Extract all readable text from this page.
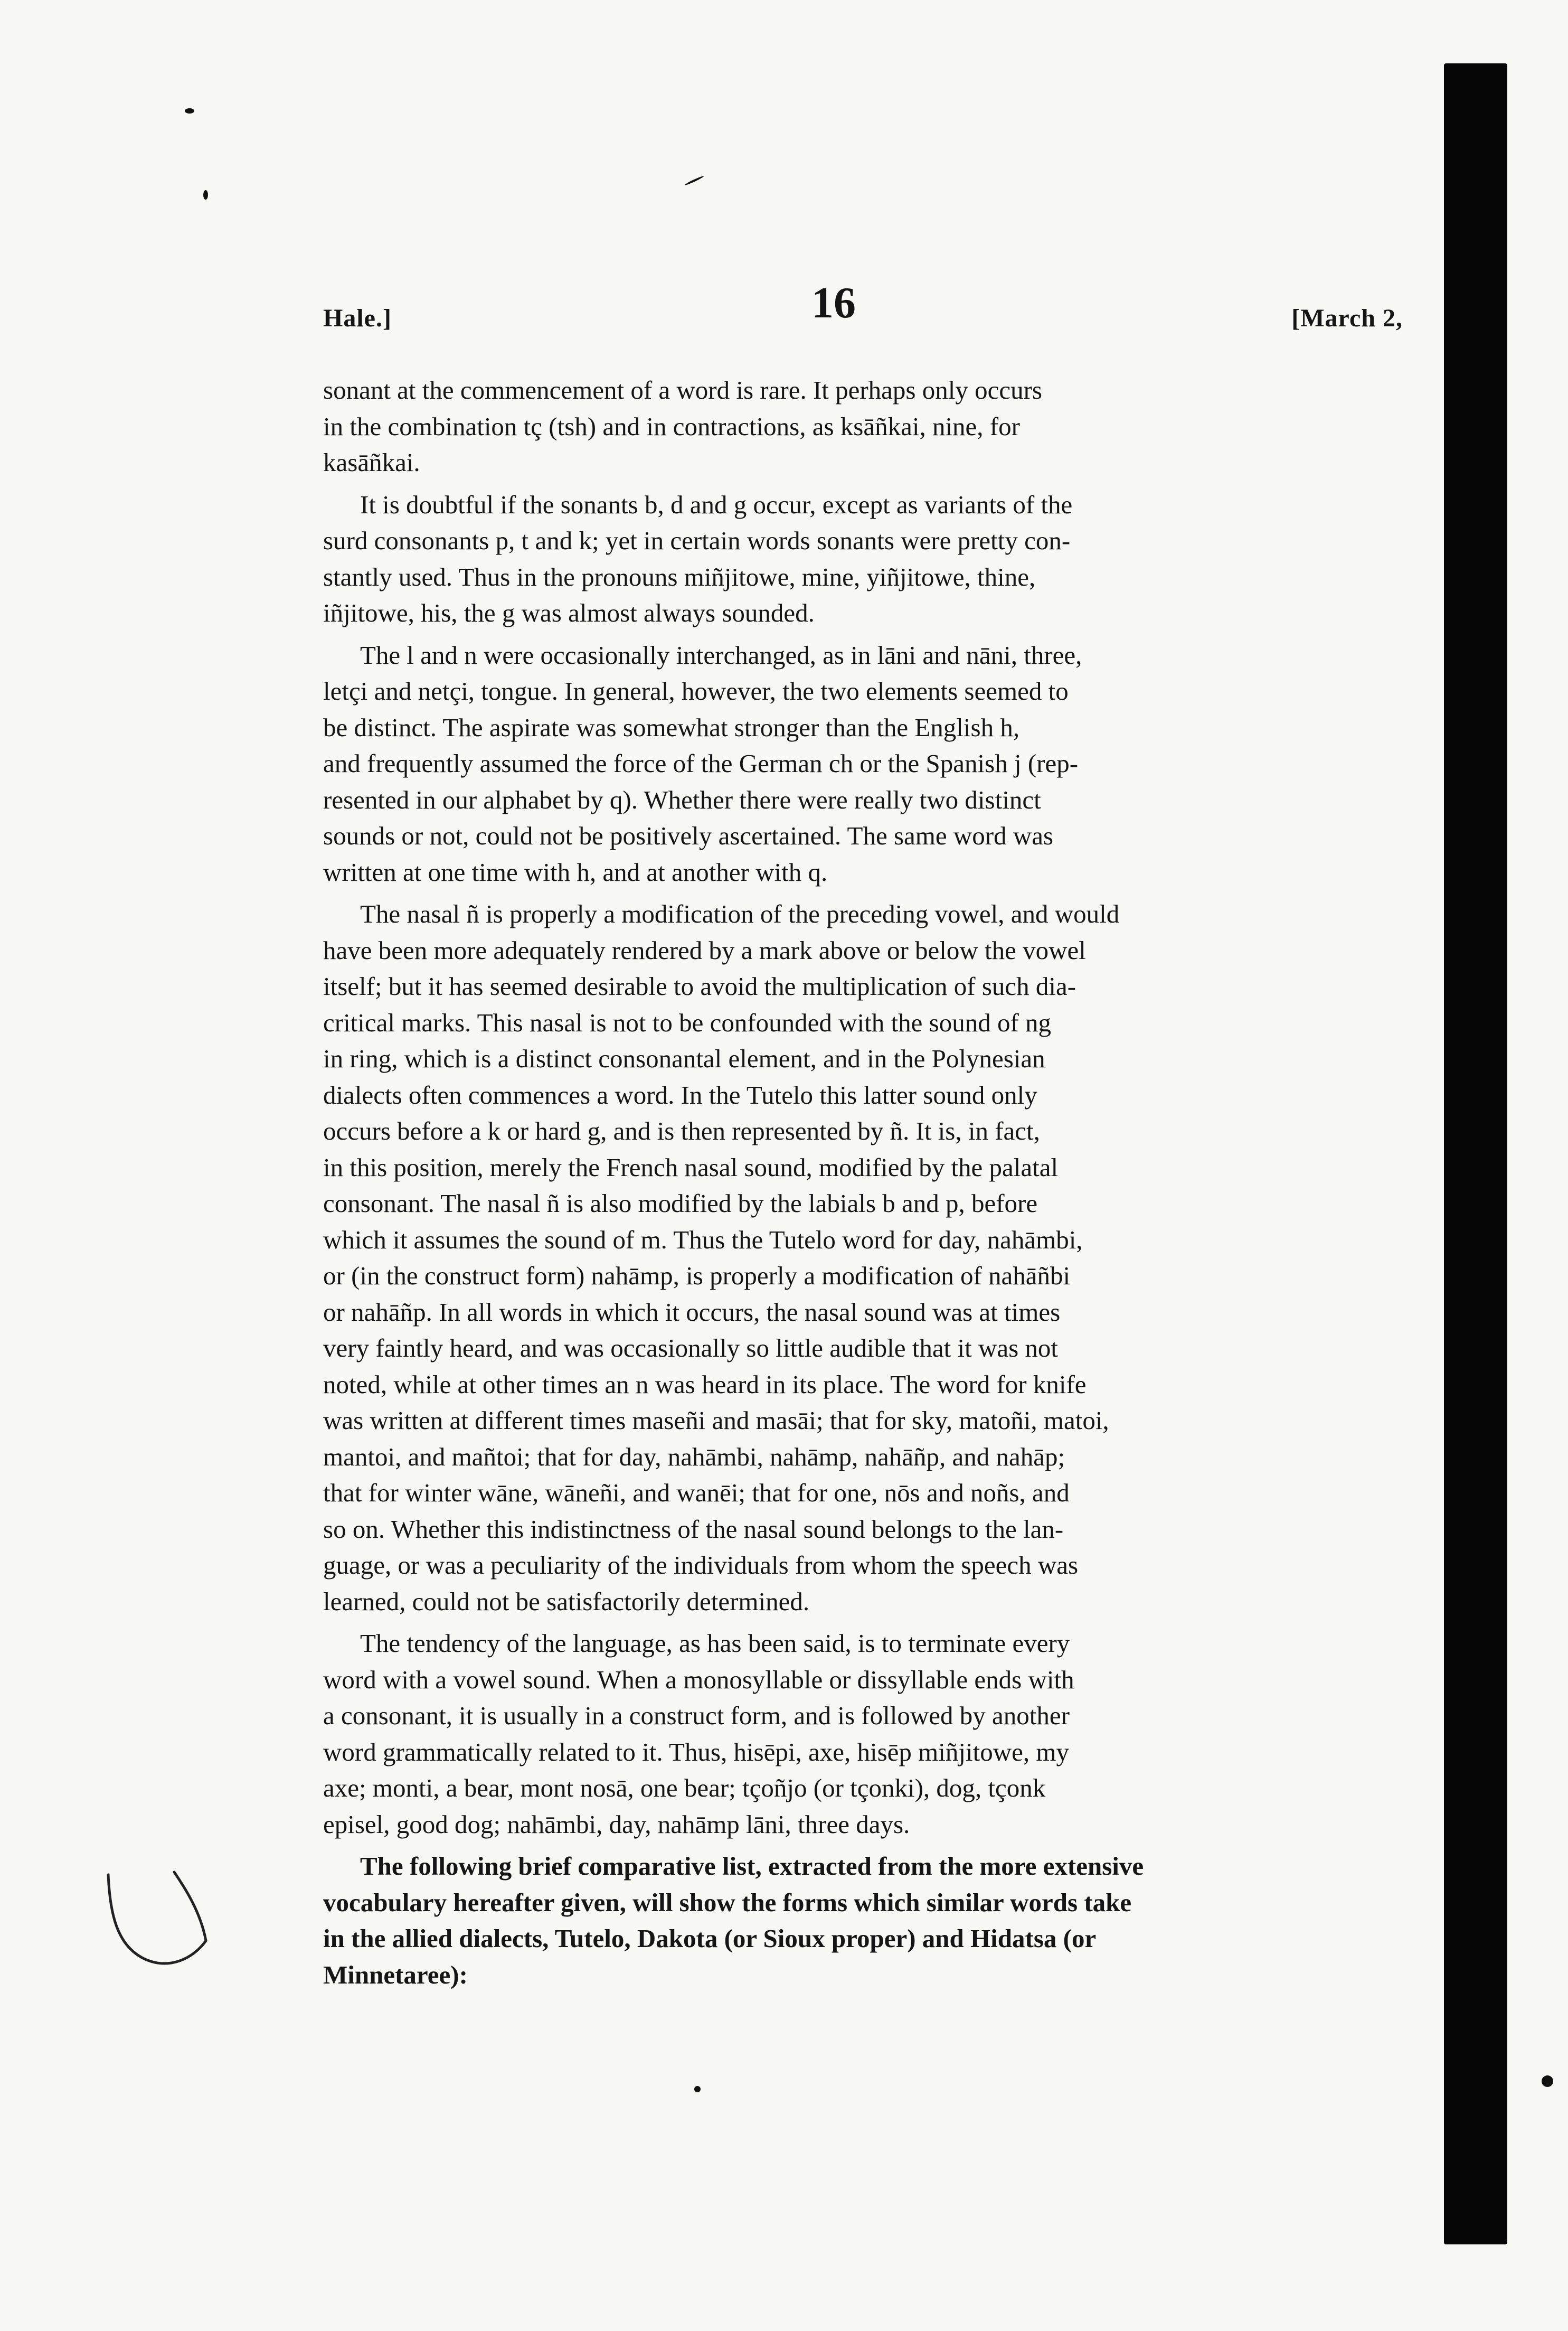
Hale.]	16	[March 2,

sonant at the commencement of a word is rare. It perhaps only occurs
in the combination tç (tsh) and in contractions, as ksāñkai, nine, for
kasāñkai.

It is doubtful if the sonants b, d and g occur, except as variants of the
surd consonants p, t and k; yet in certain words sonants were pretty con-
stantly used. Thus in the pronouns miñjitowe, mine, yiñjitowe, thine,
iñjitowe, his, the g was almost always sounded.

The l and n were occasionally interchanged, as in lāni and nāni, three,
letçi and netçi, tongue. In general, however, the two elements seemed to
be distinct. The aspirate was somewhat stronger than the English h,
and frequently assumed the force of the German ch or the Spanish j (rep-
resented in our alphabet by q). Whether there were really two distinct
sounds or not, could not be positively ascertained. The same word was
written at one time with h, and at another with q.

The nasal ñ is properly a modification of the preceding vowel, and would
have been more adequately rendered by a mark above or below the vowel
itself; but it has seemed desirable to avoid the multiplication of such dia-
critical marks. This nasal is not to be confounded with the sound of ng
in ring, which is a distinct consonantal element, and in the Polynesian
dialects often commences a word. In the Tutelo this latter sound only
occurs before a k or hard g, and is then represented by ñ. It is, in fact,
in this position, merely the French nasal sound, modified by the palatal
consonant. The nasal ñ is also modified by the labials b and p, before
which it assumes the sound of m. Thus the Tutelo word for day, nahāmbi,
or (in the construct form) nahāmp, is properly a modification of nahāñbi
or nahāñp. In all words in which it occurs, the nasal sound was at times
very faintly heard, and was occasionally so little audible that it was not
noted, while at other times an n was heard in its place. The word for knife
was written at different times maseñi and masāi; that for sky, matoñi, matoi,
mantoi, and mañtoi; that for day, nahāmbi, nahāmp, nahāñp, and nahāp;
that for winter wāne, wāneñi, and wanēi; that for one, nōs and noñs, and
so on. Whether this indistinctness of the nasal sound belongs to the lan-
guage, or was a peculiarity of the individuals from whom the speech was
learned, could not be satisfactorily determined.

The tendency of the language, as has been said, is to terminate every
word with a vowel sound. When a monosyllable or dissyllable ends with
a consonant, it is usually in a construct form, and is followed by another
word grammatically related to it. Thus, hisēpi, axe, hisēp miñjitowe, my
axe; monti, a bear, mont nosā, one bear; tçoñjo (or tçonki), dog, tçonk
episel, good dog; nahāmbi, day, nahāmp lāni, three days.

The following brief comparative list, extracted from the more extensive
vocabulary hereafter given, will show the forms which similar words take
in the allied dialects, Tutelo, Dakota (or Sioux proper) and Hidatsa (or
Minnetaree):
